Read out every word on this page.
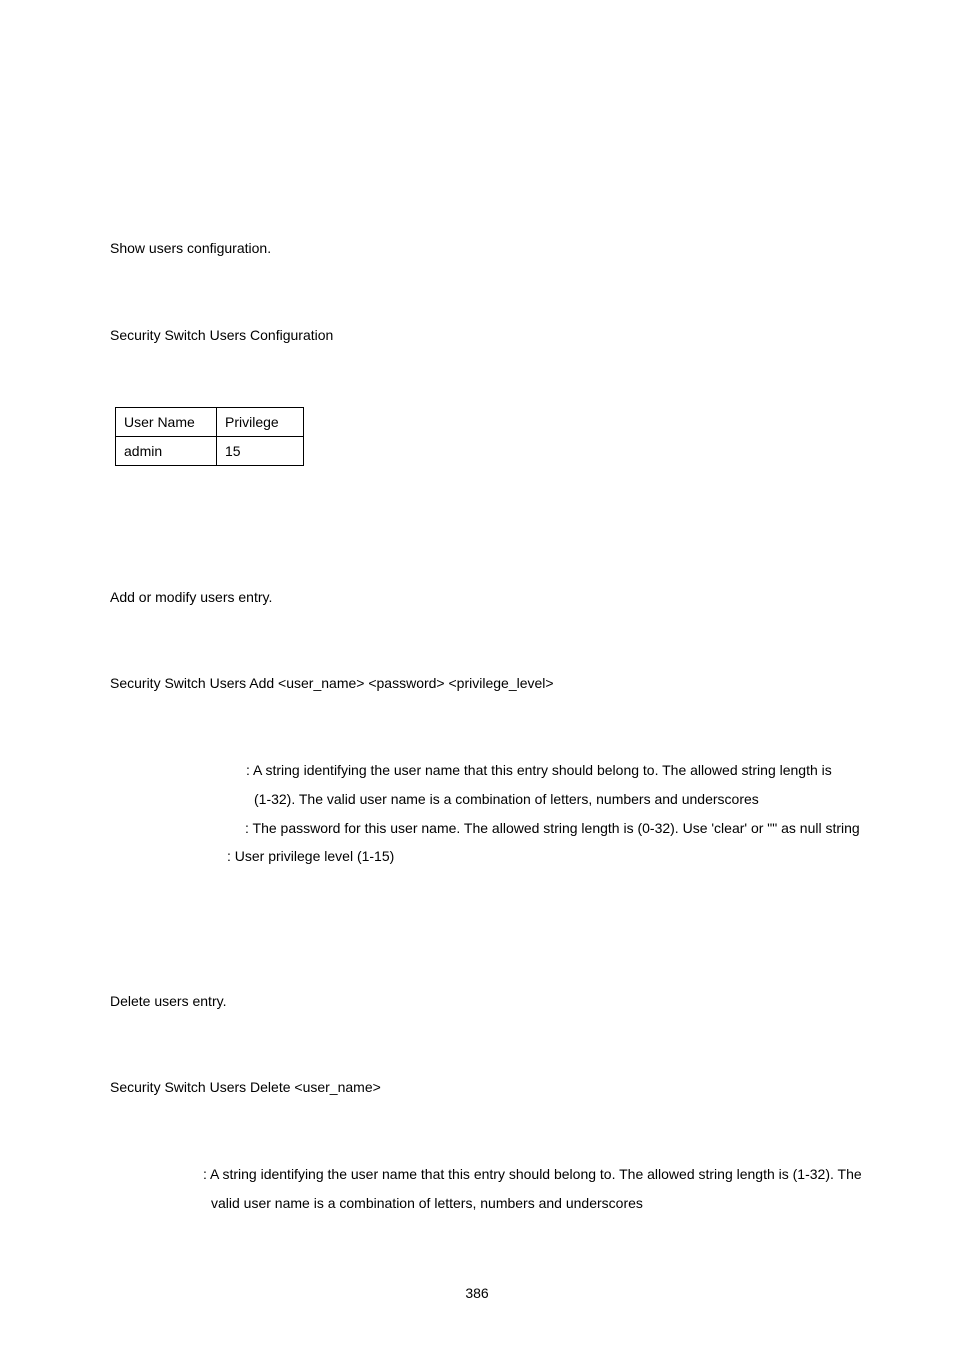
Show users configuration.
Security Switch Users Configuration
User Name	Privilege
admin	15
Add or modify users entry.
Security Switch Users Add <user_name> <password> <privilege_level>
: A string identifying the user name that this entry should belong to. The allowed string length is
(1-32). The valid user name is a combination of letters, numbers and underscores
: The password for this user name. The allowed string length is (0-32). Use 'clear' or "" as null string
: User privilege level (1-15)
Delete users entry.
Security Switch Users Delete <user_name>
: A string identifying the user name that this entry should belong to. The allowed string length is (1-32). The
valid user name is a combination of letters, numbers and underscores
386
